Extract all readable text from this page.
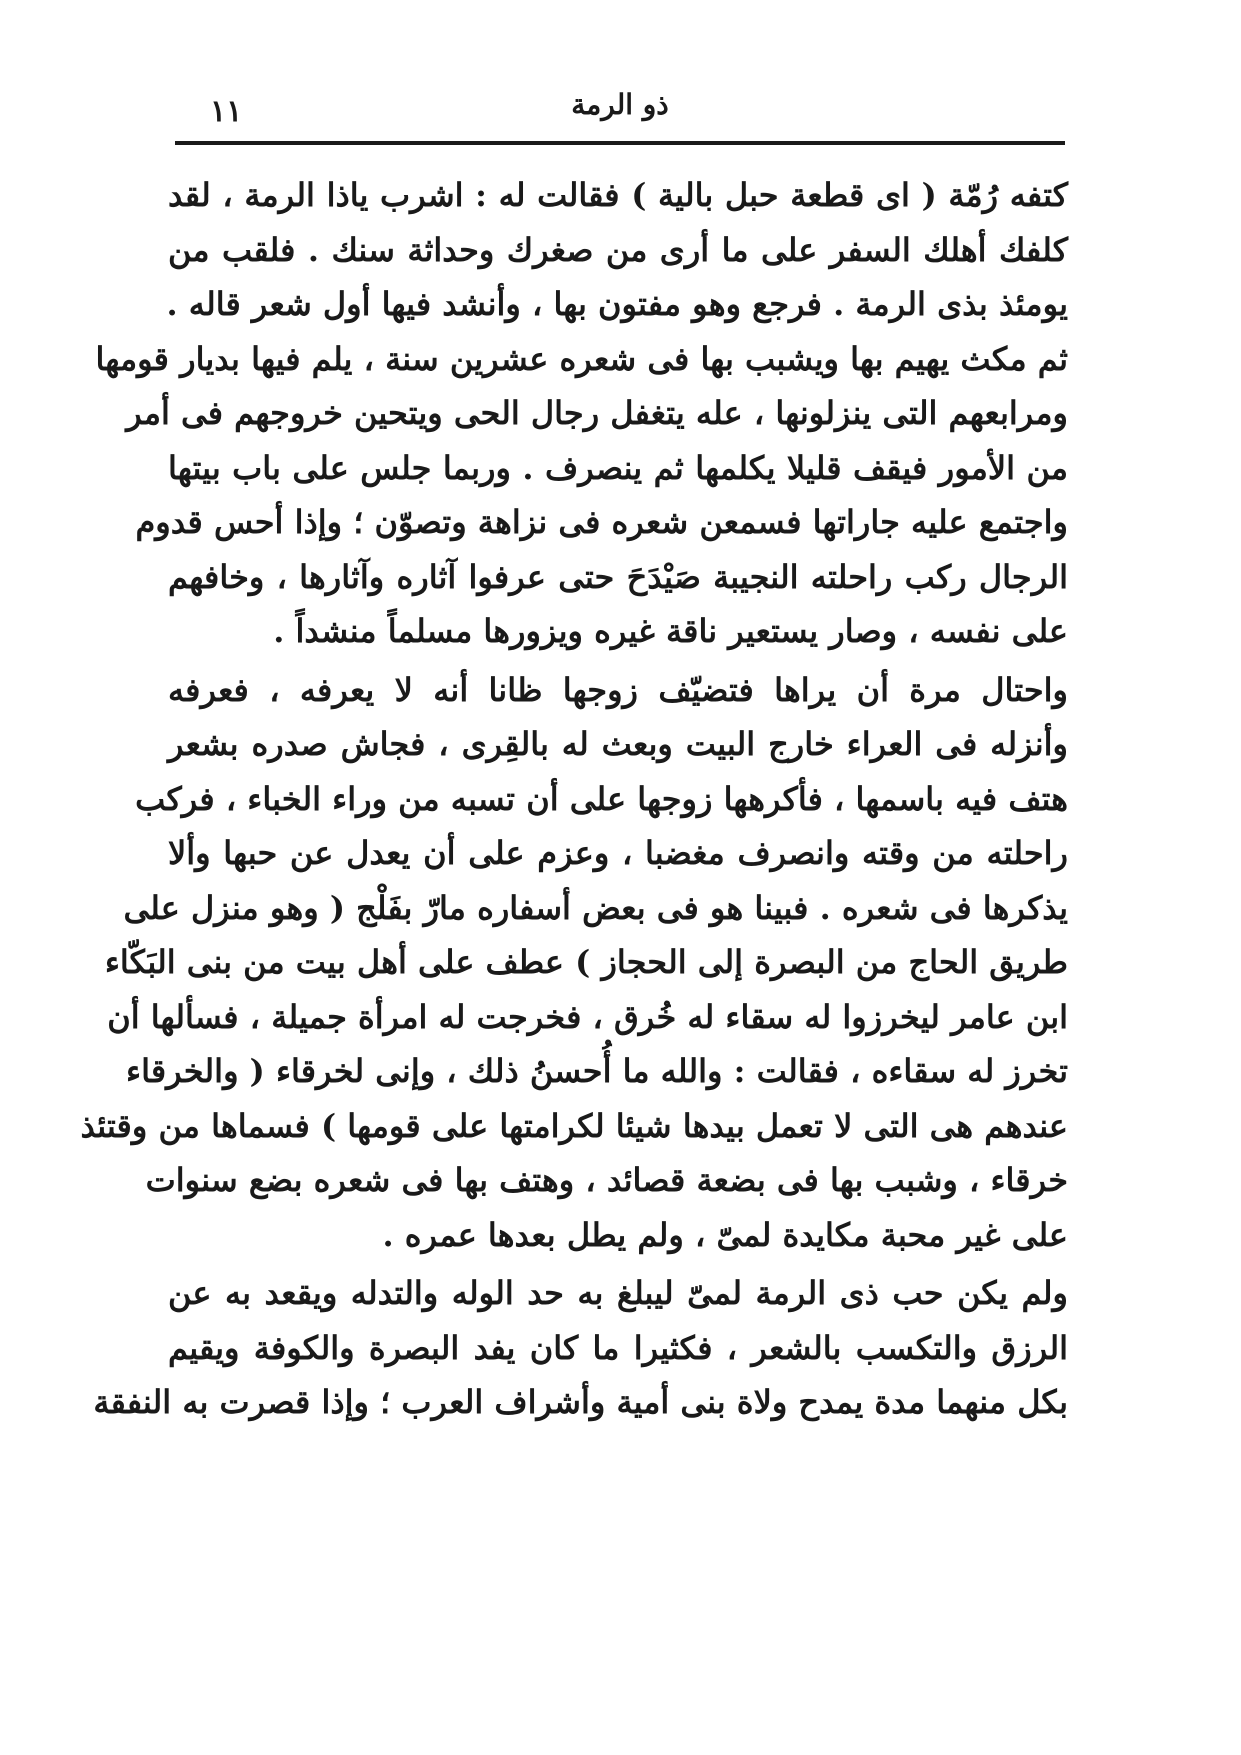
١١	ذو الرمة
كتفه رُمّة ( اى قطعة حبل بالية ) فقالت له : اشرب ياذا الرمة ، لقد
كلفك أهلك السفر على ما أرى من صغرك وحداثة سنك . فلقب من
يومئذ بذى الرمة . فرجع وهو مفتون بها ، وأنشد فيها أول شعر قاله .
ثم مكث يهيم بها ويشبب بها فى شعره عشرين سنة ، يلم فيها بديار قومها
ومرابعهم التى ينزلونها ، عله يتغفل رجال الحى ويتحين خروجهم فى أمر
من الأمور فيقف قليلا يكلمها ثم ينصرف . وربما جلس على باب بيتها
واجتمع عليه جاراتها فسمعن شعره فى نزاهة وتصوّن ؛ وإذا أحس قدوم
الرجال ركب راحلته النجيبة صَيْدَحَ حتى عرفوا آثاره وآثارها ، وخافهم
على نفسه ، وصار يستعير ناقة غيره ويزورها مسلماً منشداً .
واحتال مرة أن يراها فتضيّف زوجها ظانا أنه لا يعرفه ، فعرفه
وأنزله فى العراء خارج البيت وبعث له بالقِرى ، فجاش صدره بشعر
هتف فيه باسمها ، فأكرهها زوجها على أن تسبه من وراء الخباء ، فركب
راحلته من وقته وانصرف مغضبا ، وعزم على أن يعدل عن حبها وألا
يذكرها فى شعره . فبينا هو فى بعض أسفاره مارّ بفَلْج ( وهو منزل على
طريق الحاج من البصرة إلى الحجاز ) عطف على أهل بيت من بنى البَكّاء
ابن عامر ليخرزوا له سقاء له خُرق ، فخرجت له امرأة جميلة ، فسألها أن
تخرز له سقاءه ، فقالت : والله ما أُحسنُ ذلك ، وإنى لخرقاء ( والخرقاء
عندهم هى التى لا تعمل بيدها شيئا لكرامتها على قومها ) فسماها من وقتئذ
خرقاء ، وشبب بها فى بضعة قصائد ، وهتف بها فى شعره بضع سنوات
على غير محبة مكايدة لمىّ ، ولم يطل بعدها عمره .
ولم يكن حب ذى الرمة لمىّ ليبلغ به حد الوله والتدله ويقعد به عن
الرزق والتكسب بالشعر ، فكثيرا ما كان يفد البصرة والكوفة ويقيم
بكل منهما مدة يمدح ولاة بنى أمية وأشراف العرب ؛ وإذا قصرت به النفقة
